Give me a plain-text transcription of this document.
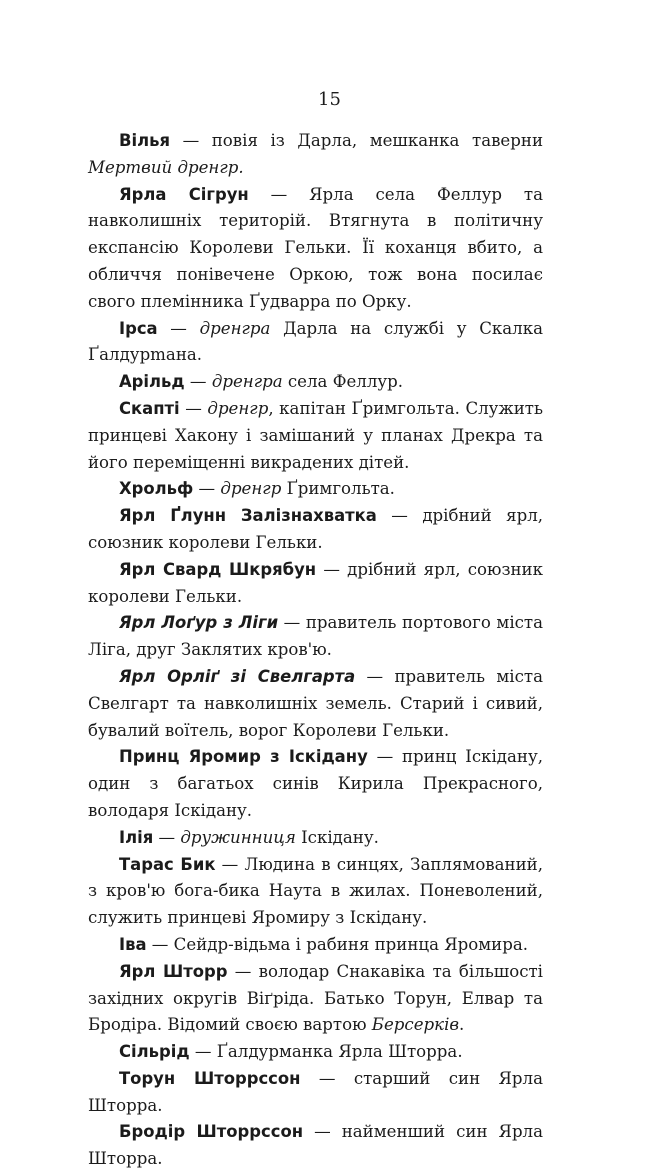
15

Вілья — повія із Дарла, мешканка таверни Мертвий дренгр.

Ярла Сігрун — Ярла села Феллур та навколишніх територій. Втягнута в політичну експансію Королеви Гельки. Її коханця вбито, а обличчя понівечене Оркою, тож вона посилає свого племінника Ґудварра по Орку.

Ірса — дренгра Дарла на службі у Скалка Ґалдурmана.

Арільд — дренгра села Феллур.

Скапті — дренгр, капітан Ґримгольта. Служить принцеві Хакону і замішаний у планах Дрекра та його переміщенні викрадених дітей.

Хрольф — дренгр Ґримгольта.

Ярл Ґлунн Залізнахватка — дрібний ярл, союзник королеви Гельки.

Ярл Свард Шкрябун — дрібний ярл, союзник королеви Гельки.

Ярл Лоґур з Ліги — правитель портового міста Ліга, друг Заклятих кров'ю.

Ярл Орліґ зі Свелгарта — правитель міста Свелгарт та навколишніх земель. Старий і сивий, бувалий воїтель, ворог Королеви Гельки.

Принц Яромир з Іскідану — принц Іскідану, один з багатьох синів Кирила Прекрасного, володаря Іскідану.

Ілія — дружинниця Іскідану.

Тарас Бик — Людина в синцях, Заплямований, з кров'ю бога-бика Наута в жилах. Поневолений, служить принцеві Яромиру з Іскідану.

Іва — Сейдр-відьма і рабиня принца Яромира.

Ярл Шторр — володар Снакавіка та більшості західних округів Віґріда. Батько Торун, Елвар та Бродіра. Відомий своєю вартою Берсерків.

Сільрід — Ґалдурманка Ярла Шторра.

Торун Шторрссон — старший син Ярла Шторра.

Бродір Шторрссон — найменший син Ярла Шторра.
